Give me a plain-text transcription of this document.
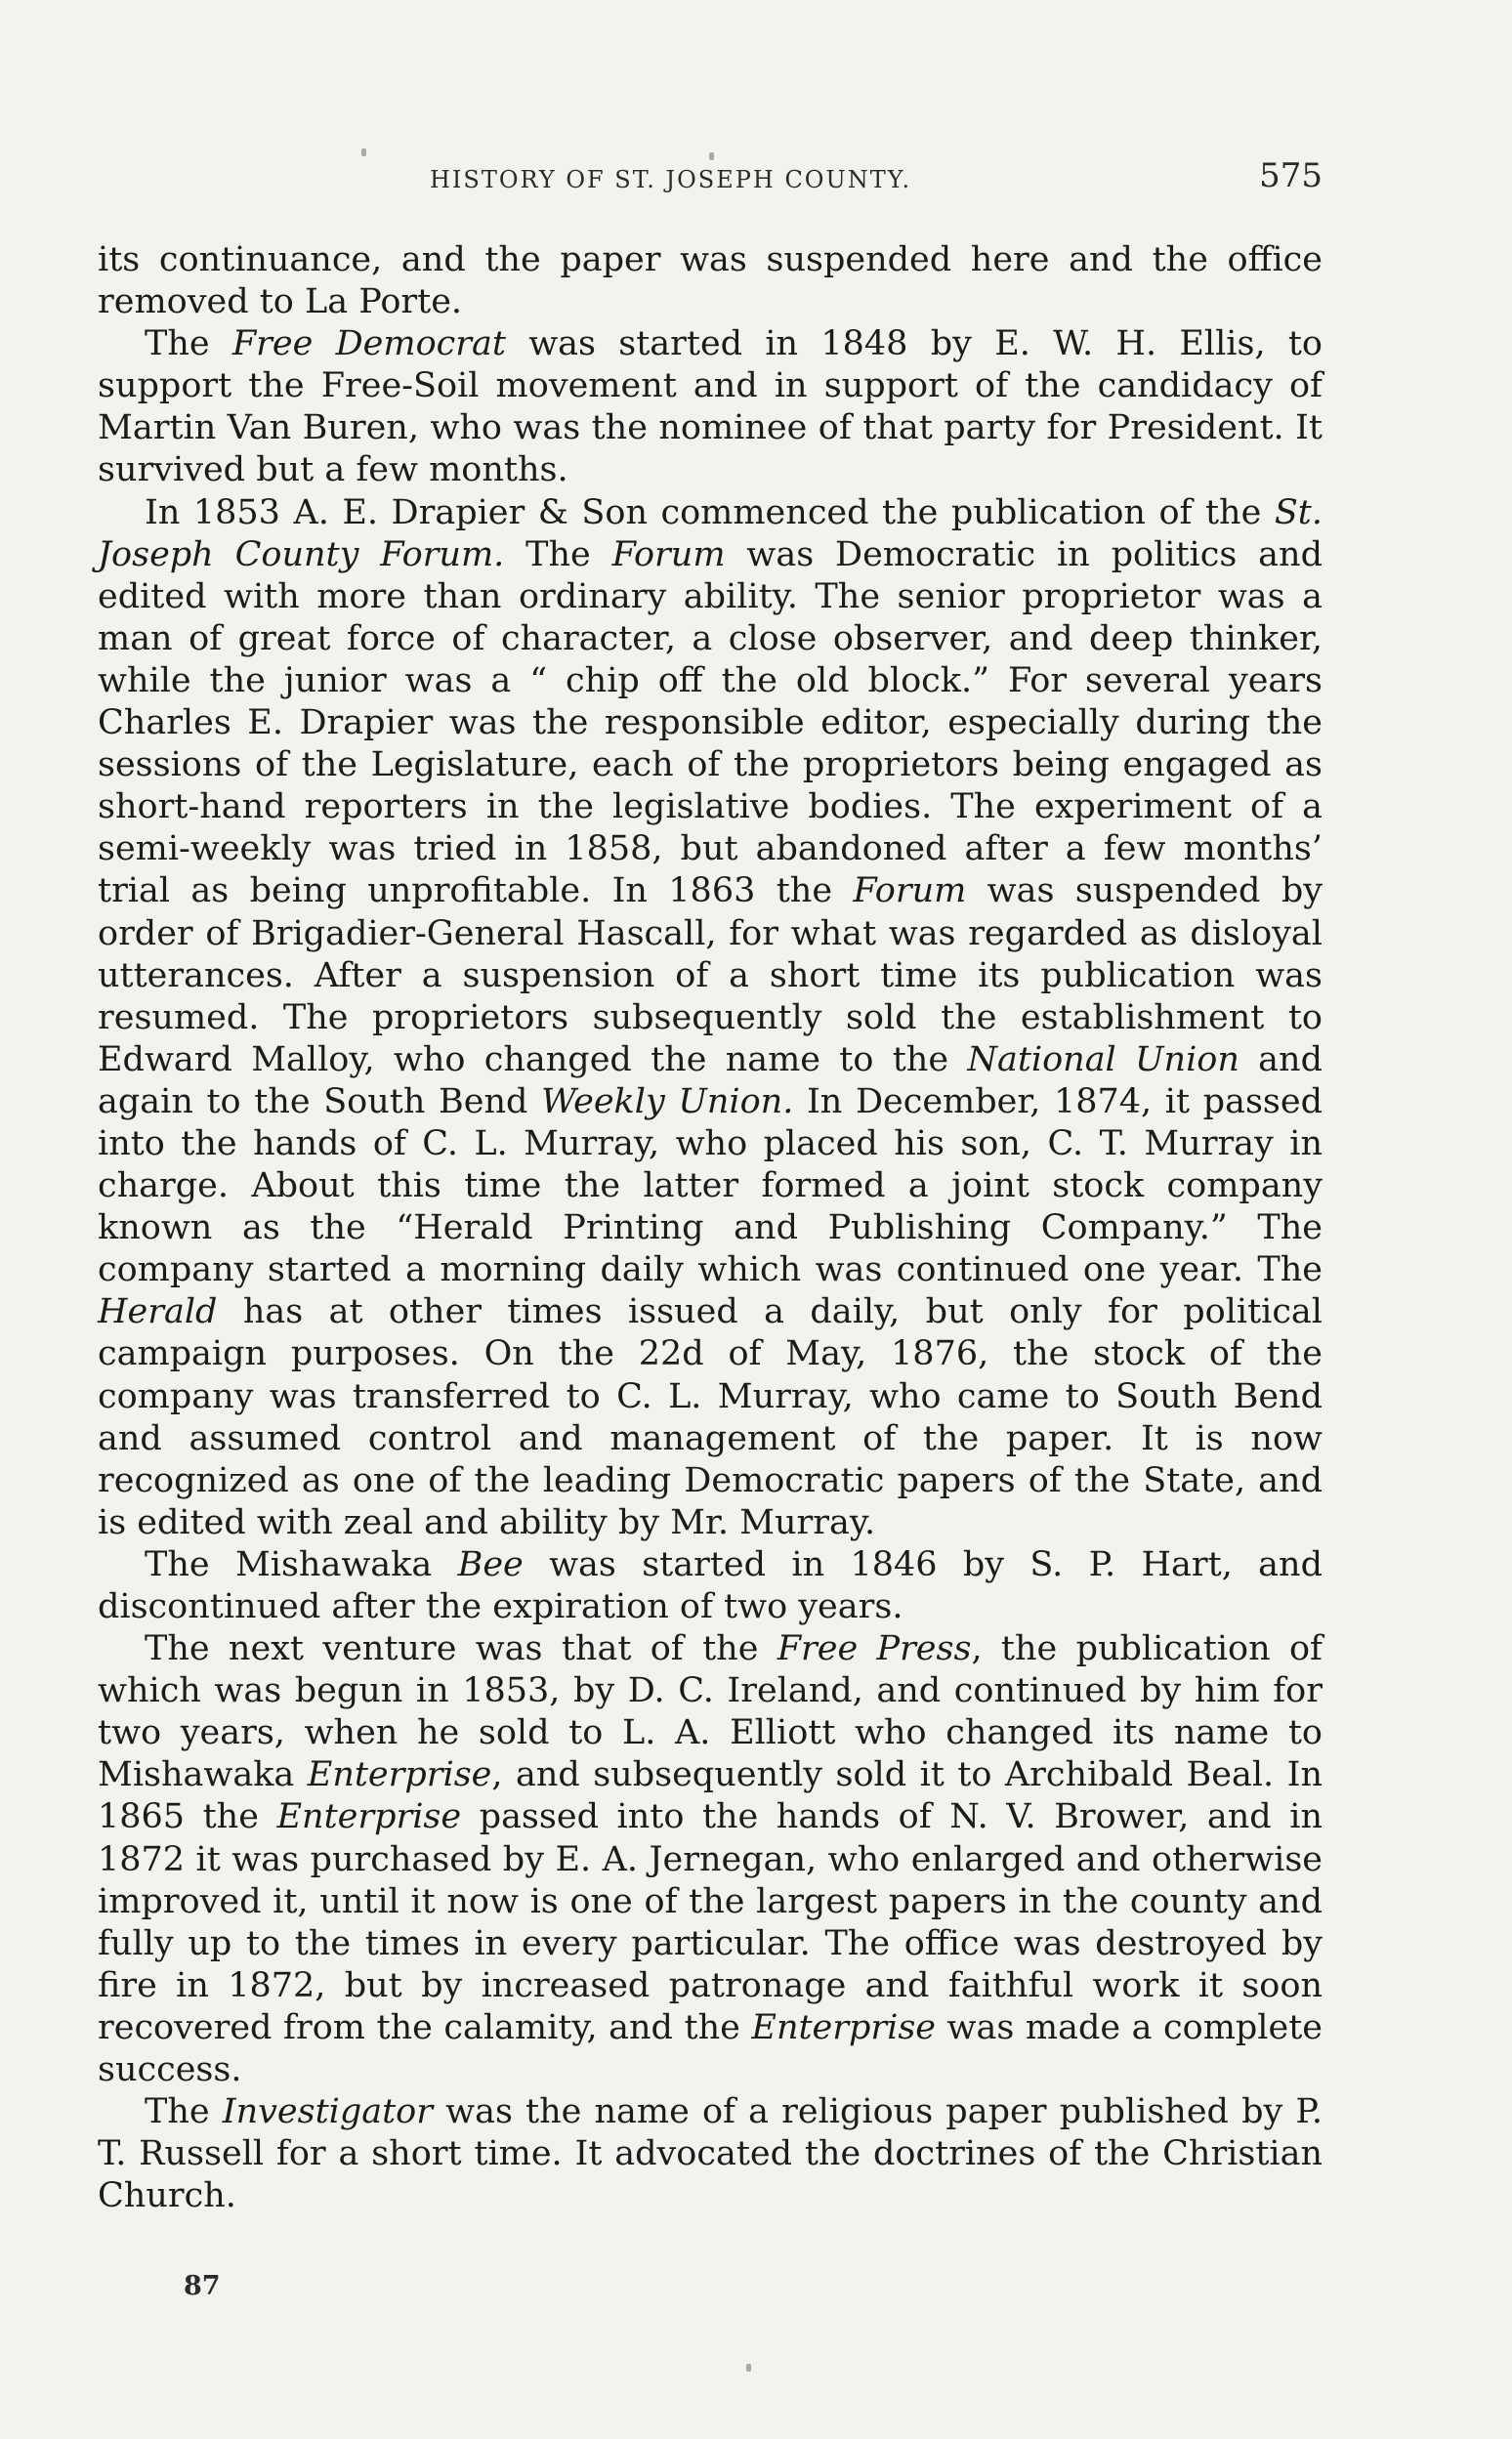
HISTORY OF ST. JOSEPH COUNTY.	575

its continuance, and the paper was suspended here and the office removed to La Porte.

The Free Democrat was started in 1848 by E. W. H. Ellis, to support the Free-Soil movement and in support of the candidacy of Martin Van Buren, who was the nominee of that party for President. It survived but a few months.

In 1853 A. E. Drapier & Son commenced the publication of the St. Joseph County Forum. The Forum was Democratic in politics and edited with more than ordinary ability. The senior proprietor was a man of great force of character, a close observer, and deep thinker, while the junior was a “ chip off the old block.” For several years Charles E. Drapier was the responsible editor, especially during the sessions of the Legislature, each of the proprietors being engaged as short-hand reporters in the legislative bodies. The experiment of a semi-weekly was tried in 1858, but abandoned after a few months’ trial as being unprofitable. In 1863 the Forum was suspended by order of Brigadier-General Hascall, for what was regarded as disloyal utterances. After a suspension of a short time its publication was resumed. The proprietors subsequently sold the establishment to Edward Malloy, who changed the name to the National Union and again to the South Bend Weekly Union. In December, 1874, it passed into the hands of C. L. Murray, who placed his son, C. T. Murray in charge. About this time the latter formed a joint stock company known as the “Herald Printing and Publishing Company.” The company started a morning daily which was continued one year. The Herald has at other times issued a daily, but only for political campaign purposes. On the 22d of May, 1876, the stock of the company was transferred to C. L. Murray, who came to South Bend and assumed control and management of the paper. It is now recognized as one of the leading Democratic papers of the State, and is edited with zeal and ability by Mr. Murray.

The Mishawaka Bee was started in 1846 by S. P. Hart, and discontinued after the expiration of two years.

The next venture was that of the Free Press, the publication of which was begun in 1853, by D. C. Ireland, and continued by him for two years, when he sold to L. A. Elliott who changed its name to Mishawaka Enterprise, and subsequently sold it to Archibald Beal. In 1865 the Enterprise passed into the hands of N. V. Brower, and in 1872 it was purchased by E. A. Jernegan, who enlarged and otherwise improved it, until it now is one of the largest papers in the county and fully up to the times in every particular. The office was destroyed by fire in 1872, but by increased patronage and faithful work it soon recovered from the calamity, and the Enterprise was made a complete success.

The Investigator was the name of a religious paper published by P. T. Russell for a short time. It advocated the doctrines of the Christian Church.

87
